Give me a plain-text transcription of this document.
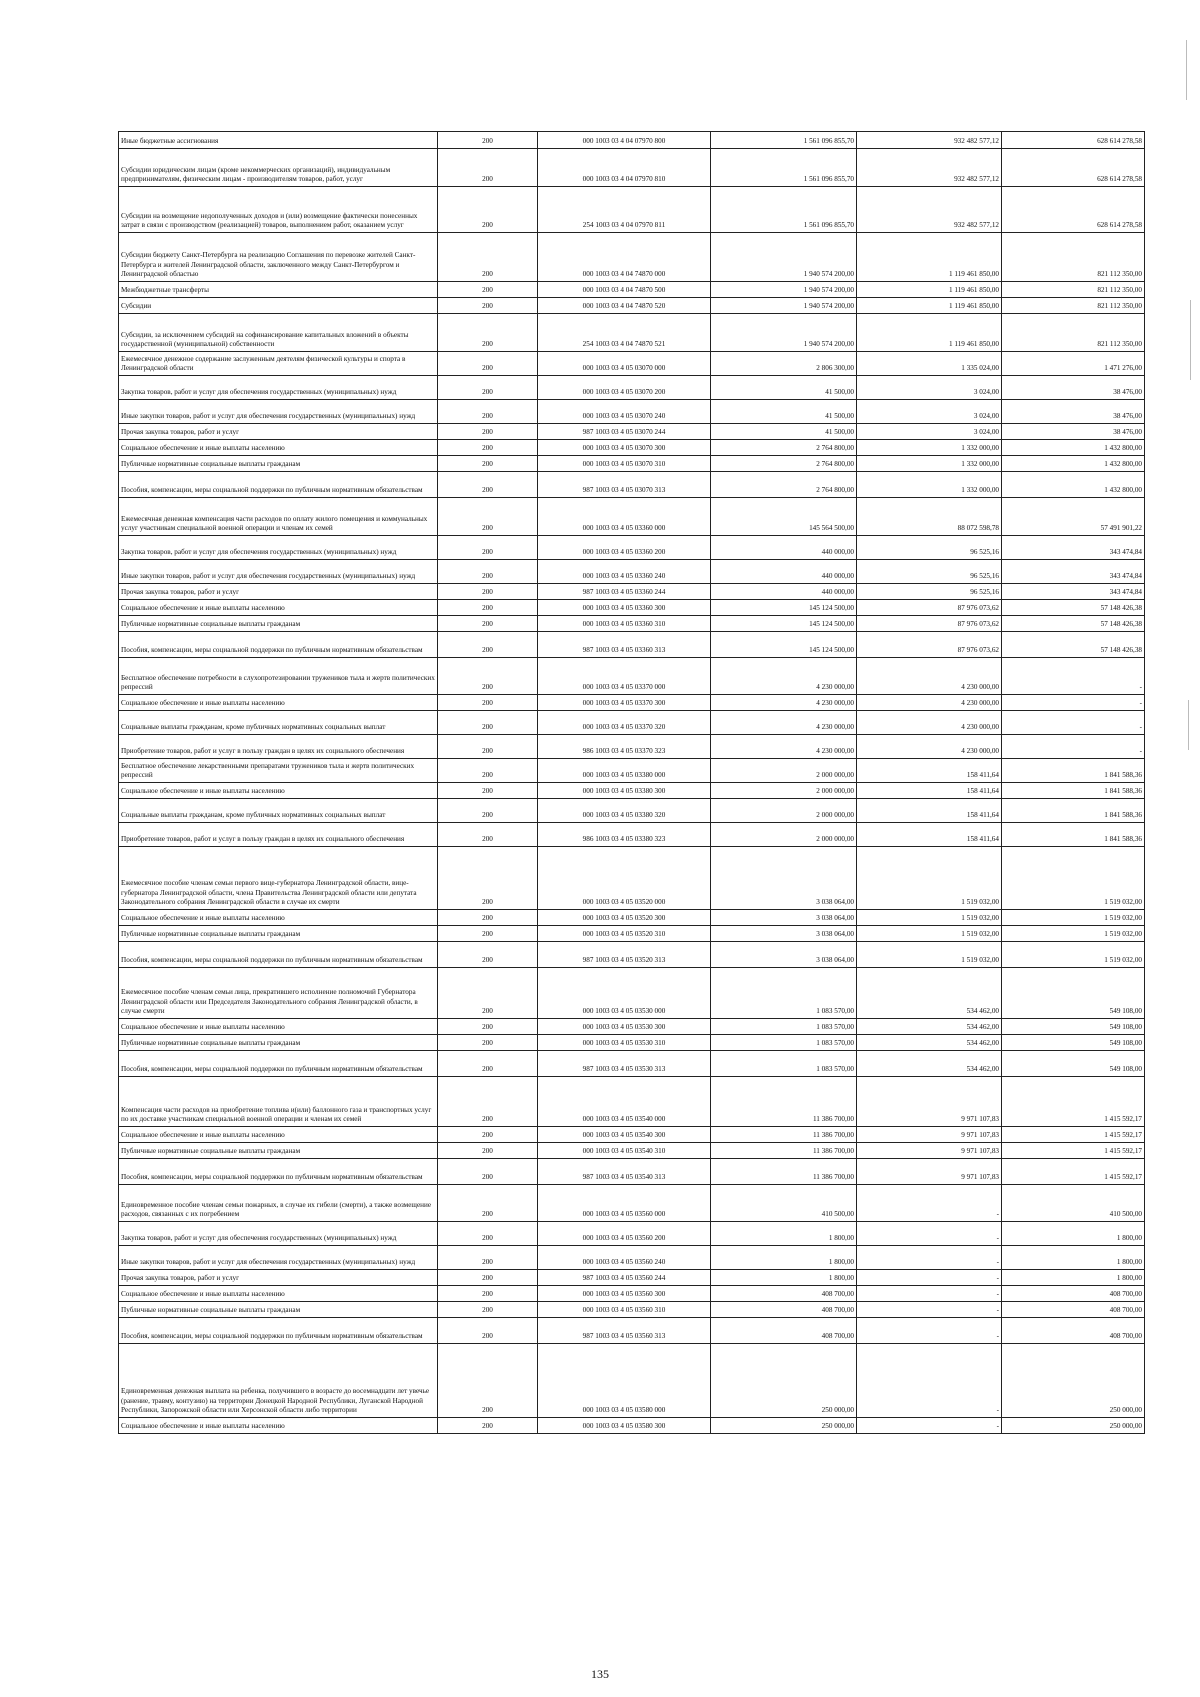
Иные бюджетные ассигнования	200	000 1003 03 4 04 07970 800	1 561 096 855,70	932 482 577,12	628 614 278,58
Субсидии юридическим лицам (кроме некоммерческих организаций), индивидуальным предпринимателям, физическим лицам - производителям товаров, работ, услуг	200	000 1003 03 4 04 07970 810	1 561 096 855,70	932 482 577,12	628 614 278,58
Субсидии на возмещение недополученных доходов и (или) возмещение фактически понесенных затрат в связи с производством (реализацией) товаров, выполнением работ, оказанием услуг	200	254 1003 03 4 04 07970 811	1 561 096 855,70	932 482 577,12	628 614 278,58
Субсидии бюджету Санкт-Петербурга на реализацию Соглашения по перевозке жителей Санкт-Петербурга и жителей Ленинградской области, заключенного между Санкт-Петербургом и Ленинградской областью	200	000 1003 03 4 04 74870 000	1 940 574 200,00	1 119 461 850,00	821 112 350,00
Межбюджетные трансферты	200	000 1003 03 4 04 74870 500	1 940 574 200,00	1 119 461 850,00	821 112 350,00
Субсидии	200	000 1003 03 4 04 74870 520	1 940 574 200,00	1 119 461 850,00	821 112 350,00
Субсидии, за исключением субсидий на софинансирование капитальных вложений в объекты государственной (муниципальной) собственности	200	254 1003 03 4 04 74870 521	1 940 574 200,00	1 119 461 850,00	821 112 350,00
Ежемесячное денежное содержание заслуженным деятелям физической культуры и спорта в Ленинградской области	200	000 1003 03 4 05 03070 000	2 806 300,00	1 335 024,00	1 471 276,00
Закупка товаров, работ и услуг для обеспечения государственных (муниципальных) нужд	200	000 1003 03 4 05 03070 200	41 500,00	3 024,00	38 476,00
Иные закупки товаров, работ и услуг для обеспечения государственных (муниципальных) нужд	200	000 1003 03 4 05 03070 240	41 500,00	3 024,00	38 476,00
Прочая закупка товаров, работ и услуг	200	987 1003 03 4 05 03070 244	41 500,00	3 024,00	38 476,00
Социальное обеспечение и иные выплаты населению	200	000 1003 03 4 05 03070 300	2 764 800,00	1 332 000,00	1 432 800,00
Публичные нормативные социальные выплаты гражданам	200	000 1003 03 4 05 03070 310	2 764 800,00	1 332 000,00	1 432 800,00
Пособия, компенсации, меры социальной поддержки по публичным нормативным обязательствам	200	987 1003 03 4 05 03070 313	2 764 800,00	1 332 000,00	1 432 800,00
Ежемесячная денежная компенсация части расходов по оплату жилого помещения и коммунальных услуг участникам специальной военной операции и членам их семей	200	000 1003 03 4 05 03360 000	145 564 500,00	88 072 598,78	57 491 901,22
Закупка товаров, работ и услуг для обеспечения государственных (муниципальных) нужд	200	000 1003 03 4 05 03360 200	440 000,00	96 525,16	343 474,84
Иные закупки товаров, работ и услуг для обеспечения государственных (муниципальных) нужд	200	000 1003 03 4 05 03360 240	440 000,00	96 525,16	343 474,84
Прочая закупка товаров, работ и услуг	200	987 1003 03 4 05 03360 244	440 000,00	96 525,16	343 474,84
Социальное обеспечение и иные выплаты населению	200	000 1003 03 4 05 03360 300	145 124 500,00	87 976 073,62	57 148 426,38
Публичные нормативные социальные выплаты гражданам	200	000 1003 03 4 05 03360 310	145 124 500,00	87 976 073,62	57 148 426,38
Пособия, компенсации, меры социальной поддержки по публичным нормативным обязательствам	200	987 1003 03 4 05 03360 313	145 124 500,00	87 976 073,62	57 148 426,38
Бесплатное обеспечение потребности в слухопротезировании тружеников тыла и жертв политических репрессий	200	000 1003 03 4 05 03370 000	4 230 000,00	4 230 000,00	-
Социальное обеспечение и иные выплаты населению	200	000 1003 03 4 05 03370 300	4 230 000,00	4 230 000,00	-
Социальные выплаты гражданам, кроме публичных нормативных социальных выплат	200	000 1003 03 4 05 03370 320	4 230 000,00	4 230 000,00	-
Приобретение товаров, работ и услуг в пользу граждан в целях их социального обеспечения	200	986 1003 03 4 05 03370 323	4 230 000,00	4 230 000,00	-
Бесплатное обеспечение лекарственными препаратами тружеников тыла и жертв политических репрессий	200	000 1003 03 4 05 03380 000	2 000 000,00	158 411,64	1 841 588,36
Социальное обеспечение и иные выплаты населению	200	000 1003 03 4 05 03380 300	2 000 000,00	158 411,64	1 841 588,36
Социальные выплаты гражданам, кроме публичных нормативных социальных выплат	200	000 1003 03 4 05 03380 320	2 000 000,00	158 411,64	1 841 588,36
Приобретение товаров, работ и услуг в пользу граждан в целях их социального обеспечения	200	986 1003 03 4 05 03380 323	2 000 000,00	158 411,64	1 841 588,36
Ежемесячное пособие членам семьи первого вице-губернатора Ленинградской области, вице-губернатора Ленинградской области, члена Правительства Ленинградской области или депутата Законодательного собрания Ленинградской области в случае их смерти	200	000 1003 03 4 05 03520 000	3 038 064,00	1 519 032,00	1 519 032,00
Социальное обеспечение и иные выплаты населению	200	000 1003 03 4 05 03520 300	3 038 064,00	1 519 032,00	1 519 032,00
Публичные нормативные социальные выплаты гражданам	200	000 1003 03 4 05 03520 310	3 038 064,00	1 519 032,00	1 519 032,00
Пособия, компенсации, меры социальной поддержки по публичным нормативным обязательствам	200	987 1003 03 4 05 03520 313	3 038 064,00	1 519 032,00	1 519 032,00
Ежемесячное пособие членам семьи лица, прекратившего исполнение полномочий Губернатора Ленинградской области или Председателя Законодательного собрания Ленинградской области, в случае смерти	200	000 1003 03 4 05 03530 000	1 083 570,00	534 462,00	549 108,00
Социальное обеспечение и иные выплаты населению	200	000 1003 03 4 05 03530 300	1 083 570,00	534 462,00	549 108,00
Публичные нормативные социальные выплаты гражданам	200	000 1003 03 4 05 03530 310	1 083 570,00	534 462,00	549 108,00
Пособия, компенсации, меры социальной поддержки по публичным нормативным обязательствам	200	987 1003 03 4 05 03530 313	1 083 570,00	534 462,00	549 108,00
Компенсация части расходов на приобретение топлива и(или) баллонного газа и транспортных услуг по их доставке участникам специальной военной операции и членам их семей	200	000 1003 03 4 05 03540 000	11 386 700,00	9 971 107,83	1 415 592,17
Социальное обеспечение и иные выплаты населению	200	000 1003 03 4 05 03540 300	11 386 700,00	9 971 107,83	1 415 592,17
Публичные нормативные социальные выплаты гражданам	200	000 1003 03 4 05 03540 310	11 386 700,00	9 971 107,83	1 415 592,17
Пособия, компенсации, меры социальной поддержки по публичным нормативным обязательствам	200	987 1003 03 4 05 03540 313	11 386 700,00	9 971 107,83	1 415 592,17
Единовременное пособие членам семьи пожарных, в случае их гибели (смерти), а также возмещение расходов, связанных с их погребением	200	000 1003 03 4 05 03560 000	410 500,00	-	410 500,00
Закупка товаров, работ и услуг для обеспечения государственных (муниципальных) нужд	200	000 1003 03 4 05 03560 200	1 800,00	-	1 800,00
Иные закупки товаров, работ и услуг для обеспечения государственных (муниципальных) нужд	200	000 1003 03 4 05 03560 240	1 800,00	-	1 800,00
Прочая закупка товаров, работ и услуг	200	987 1003 03 4 05 03560 244	1 800,00	-	1 800,00
Социальное обеспечение и иные выплаты населению	200	000 1003 03 4 05 03560 300	408 700,00	-	408 700,00
Публичные нормативные социальные выплаты гражданам	200	000 1003 03 4 05 03560 310	408 700,00	-	408 700,00
Пособия, компенсации, меры социальной поддержки по публичным нормативным обязательствам	200	987 1003 03 4 05 03560 313	408 700,00	-	408 700,00
Единовременная денежная выплата на ребенка, получившего в возрасте до восемнадцати лет увечье (ранение, травму, контузию) на территории Донецкой Народной Республики, Луганской Народной Республики, Запорожской области или Херсонской области либо территории	200	000 1003 03 4 05 03580 000	250 000,00	-	250 000,00
Социальное обеспечение и иные выплаты населению	200	000 1003 03 4 05 03580 300	250 000,00	-	250 000,00
135
